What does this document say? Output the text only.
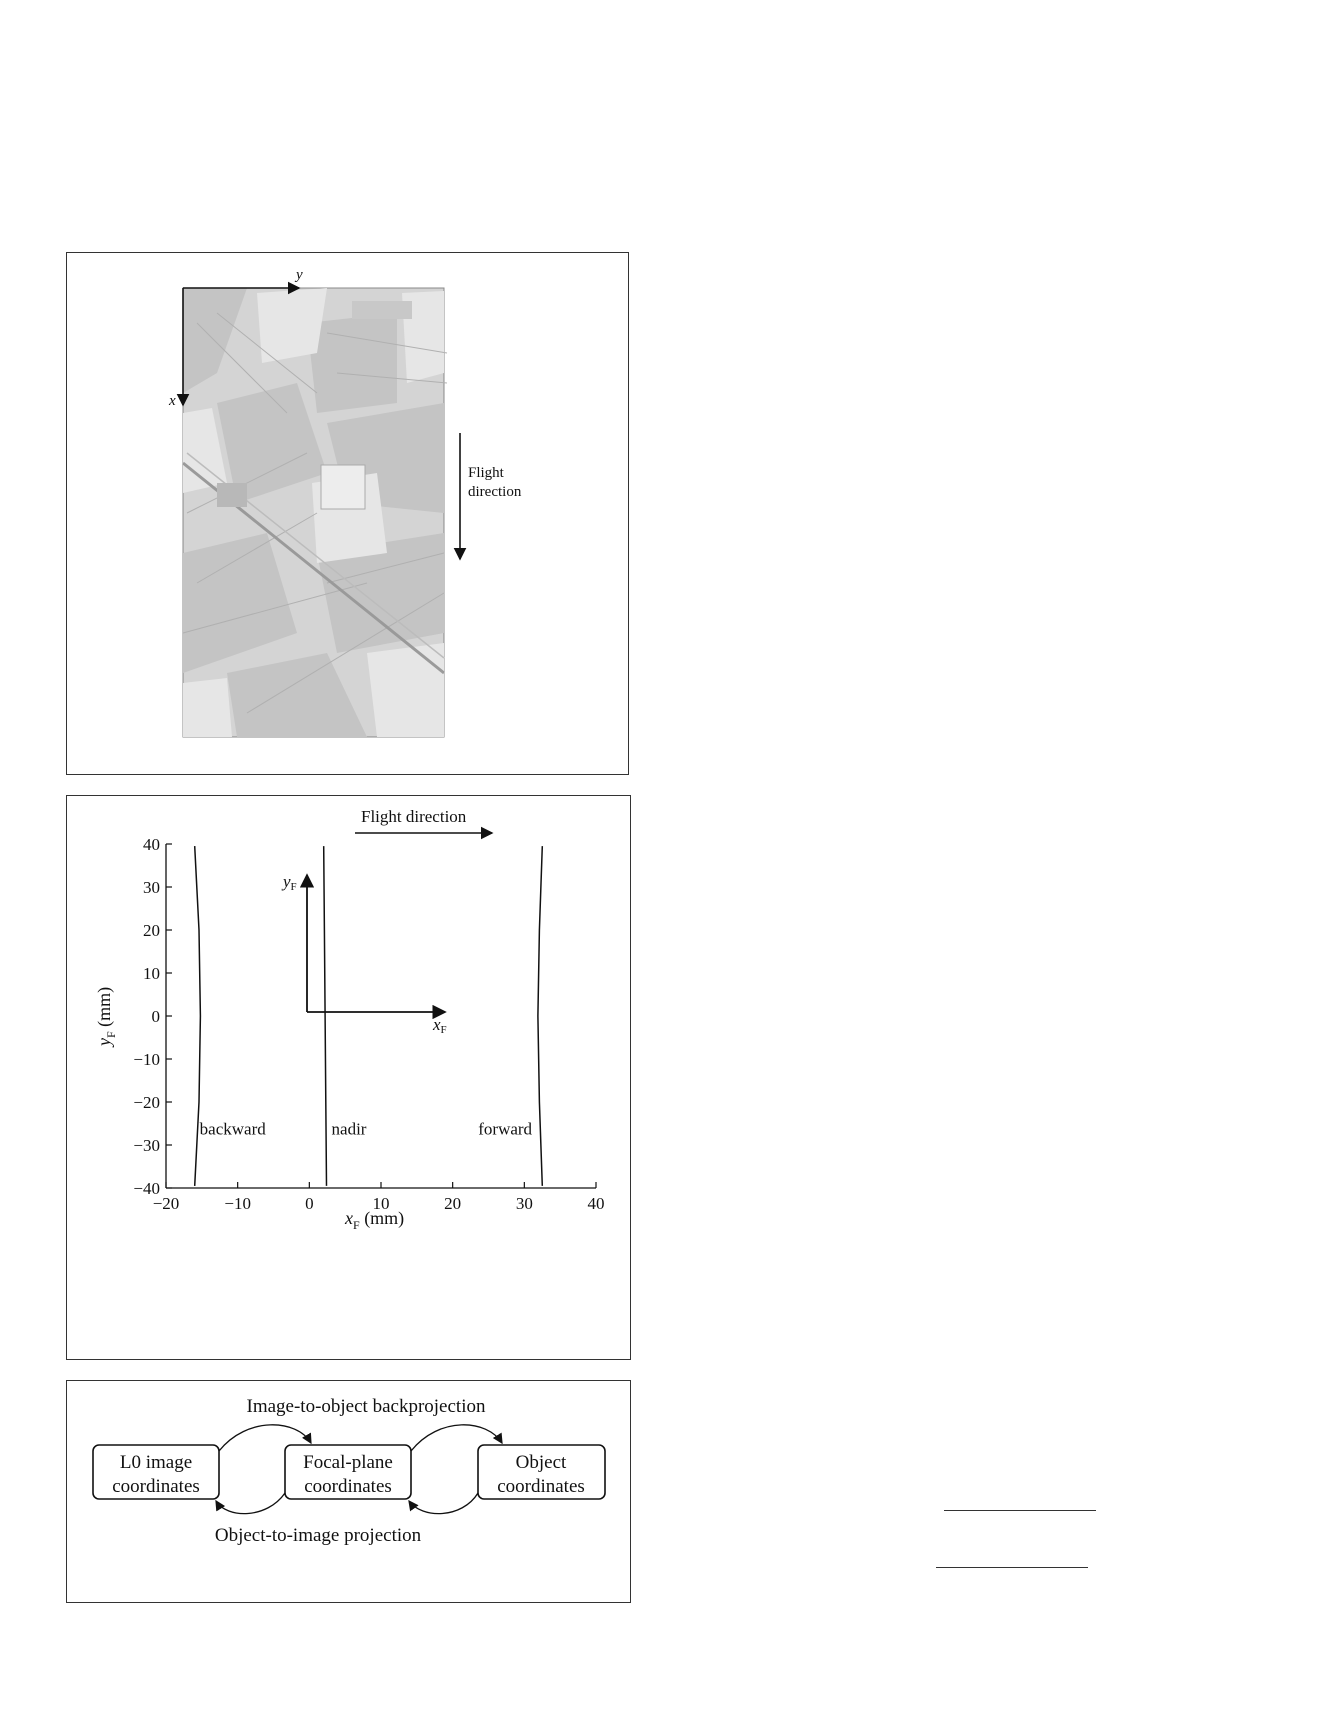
y
x
Flight
direction
−20	−10	0	10	20	30	40
40
30
20
10
0
−10
−20
−30
−40
backward	nadir	forward
Flight direction
yF
xF
$x_F$ (mm)
$y_F$ (mm)
Image-to-object backprojection
Object-to-image projection
L0 image
coordinates
Focal-plane
coordinates
Object
coordinates
